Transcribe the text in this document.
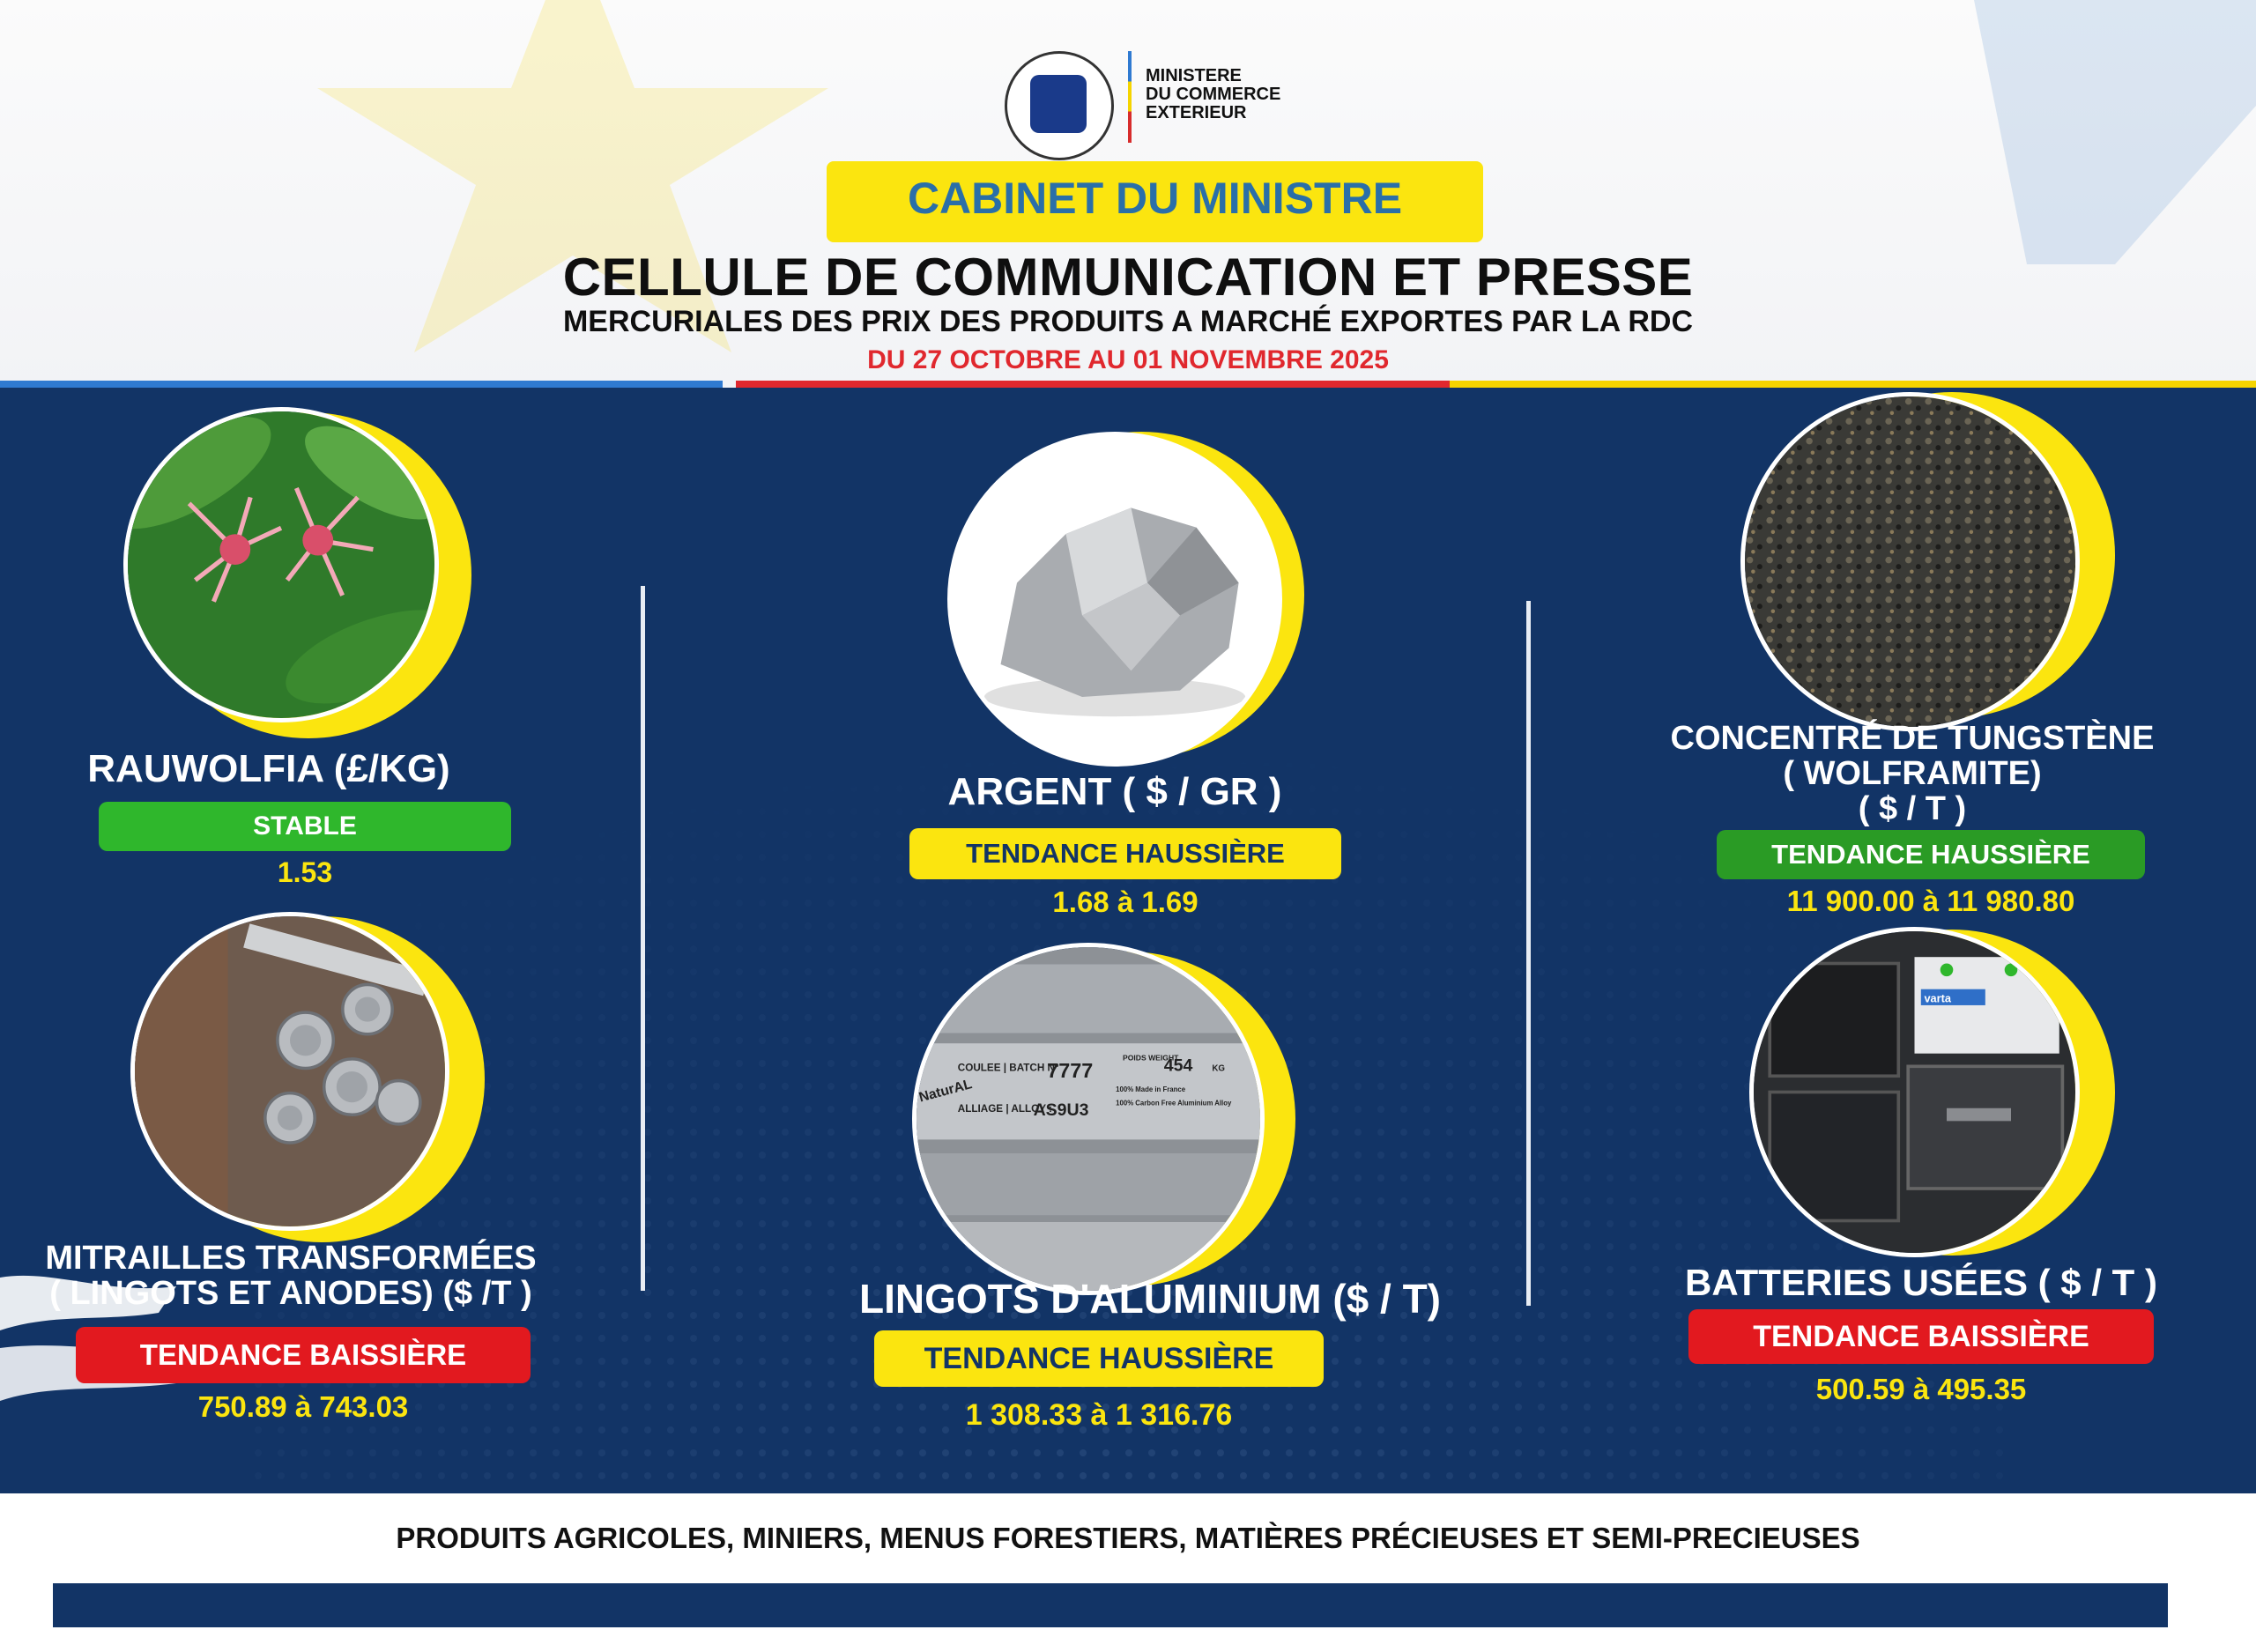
MINISTERE
DU COMMERCE
EXTERIEUR
CABINET DU MINISTRE
CELLULE DE COMMUNICATION ET PRESSE
MERCURIALES DES PRIX DES PRODUITS A MARCHÉ EXPORTES PAR LA RDC
DU 27 OCTOBRE AU 01 NOVEMBRE 2025
RAUWOLFIA (£/KG)
STABLE
1.53
ARGENT ( $ / GR )
TENDANCE HAUSSIÈRE
1.68 à 1.69
CONCENTRÉ DE TUNGSTÈNE
( WOLFRAMITE)
( $ / T )
TENDANCE HAUSSIÈRE
11 900.00 à 11 980.80
MITRAILLES TRANSFORMÉES
( LINGOTS ET ANODES) ($ /T )
TENDANCE BAISSIÈRE
750.89 à 743.03
COULEE | BATCH N°
7777
POIDS WEIGHT
454	KG
ALLIAGE | ALLOY :
AS9U3
100% Made in France
100% Carbon Free Aluminium Alloy
NaturAL
LINGOTS D'ALUMINIUM ($ / T)
TENDANCE HAUSSIÈRE
1 308.33 à 1 316.76
varta
BATTERIES USÉES ( $ / T )
TENDANCE BAISSIÈRE
500.59 à 495.35
PRODUITS AGRICOLES, MINIERS, MENUS FORESTIERS, MATIÈRES PRÉCIEUSES ET SEMI-PRECIEUSES
